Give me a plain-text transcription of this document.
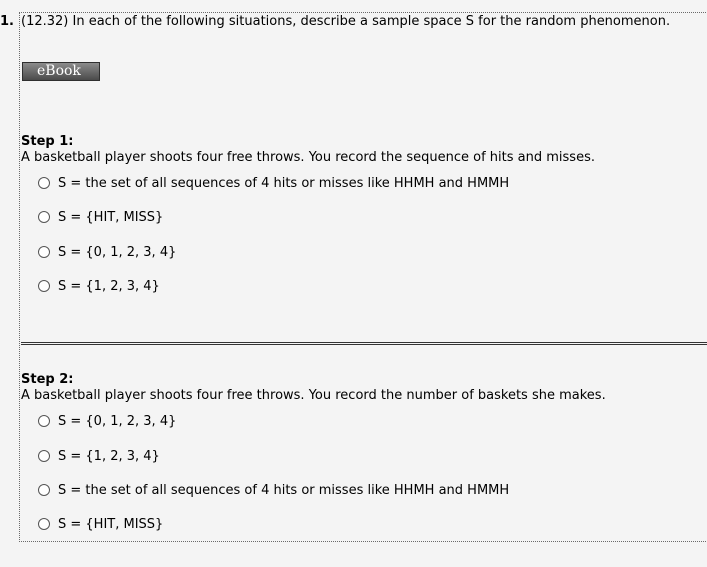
1. (12.32) In each of the following situations, describe a sample space S for the random phenomenon.
eBook
Step 1:
A basketball player shoots four free throws. You record the sequence of hits and misses.
S = the set of all sequences of 4 hits or misses like HHMH and HMMH
S = {HIT, MISS}
S = {0, 1, 2, 3, 4}
S = {1, 2, 3, 4}
Step 2:
A basketball player shoots four free throws. You record the number of baskets she makes.
S = {0, 1, 2, 3, 4}
S = {1, 2, 3, 4}
S = the set of all sequences of 4 hits or misses like HHMH and HMMH
S = {HIT, MISS}
